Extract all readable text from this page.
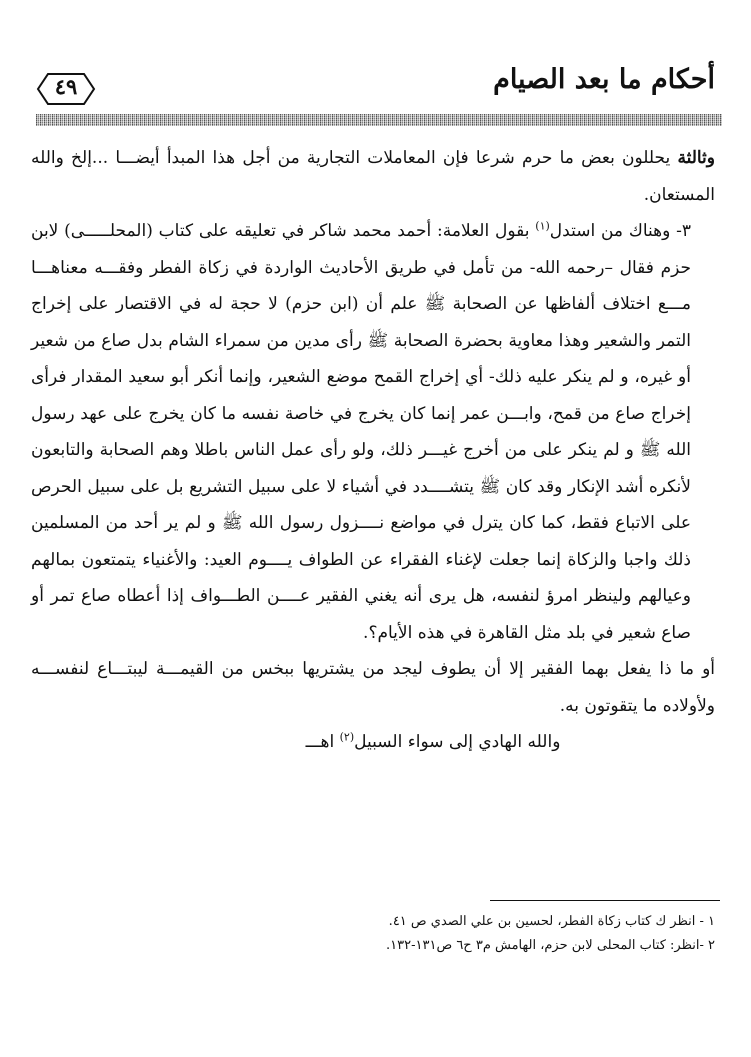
٤٩	أحكام ما بعد الصيام

وثالثة يحللون بعض ما حرم شرعا فإن المعاملات التجارية من أجل هذا المبدأ أيضـــا ...إلخ والله المستعان.

٣- وهناك من استدل$^{(١)}$ بقول العلامة: أحمد محمد شاكر في تعليقه على كتاب (المحلـــــى) لابن حزم فقال –رحمه الله- من تأمل في طريق الأحاديث الواردة في زكاة الفطر وفقـــه معناهـــا مـــع اختلاف ألفاظها عن الصحابة ﷺ علم أن (ابن حزم) لا حجة له في الاقتصار على إخراج التمر والشعير وهذا معاوية بحضرة الصحابة ﷺ رأى مدين من سمراء الشام بدل صاع من شعير أو غيره، و لم ينكر عليه ذلك- أي إخراج القمح موضع الشعير، وإنما أنكر أبو سعيد المقدار فرأى إخراج صاع من قمح، وابـــن عمر إنما كان يخرج في خاصة نفسه ما كان يخرج على عهد رسول الله ﷺ و لم ينكر على من أخرج غيـــر ذلك، ولو رأى عمل الناس باطلا وهم الصحابة والتابعون لأنكره أشد الإنكار وقد كان ﷺ يتشــــدد في أشياء لا على سبيل التشريع بل على سبيل الحرص على الاتباع فقط، كما كان يترل في مواضع نــــزول رسول الله ﷺ و لم ير أحد من المسلمين ذلك واجبا والزكاة إنما جعلت لإغناء الفقراء عن الطواف يــــوم العيد: والأغنياء يتمتعون بمالهم وعيالهم ولينظر امرؤ لنفسه، هل يرى أنه يغني الفقير عــــن الطـــواف إذا أعطاه صاع تمر أو صاع شعير في بلد مثل القاهرة في هذه الأيام؟.

أو ما ذا يفعل بهما الفقير إلا أن يطوف ليجد من يشتريها ببخس من القيمـــة ليبتـــاع لنفســـه ولأولاده ما يتقوتون به.

والله الهادي إلى سواء السبيل$^{(٢)}$ اهـــ

١ - انظر ك كتاب زكاة الفطر، لحسين بن علي الصدي ص ٤١.
٢ -انظر: كتاب المحلى لابن حزم، الهامش م٣ ح٦ ص١٣١-١٣٢.
